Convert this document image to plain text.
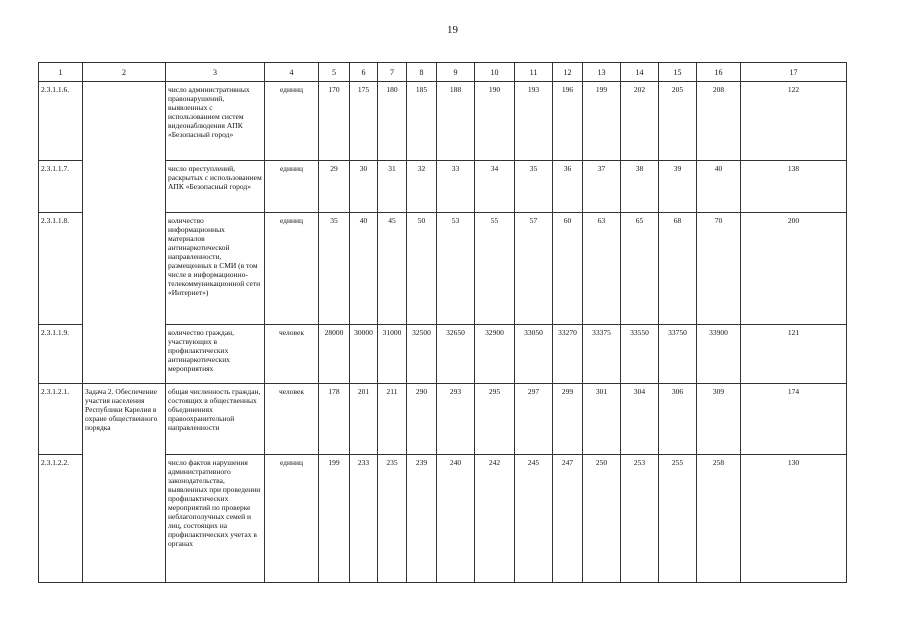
19
1	2	3	4	5	6	7	8	9	10	11	12	13	14	15	16	17
2.3.1.1.6.		число административных правонарушений, выявленных с использованием систем видеонаблюдения АПК «Безопасный город»	единиц	170	175	180	185	188	190	193	196	199	202	205	208	122
2.3.1.1.7.		число преступлений, раскрытых с использованием АПК «Безопасный город»	единиц	29	30	31	32	33	34	35	36	37	38	39	40	138
2.3.1.1.8.		количество информационных материалов антинаркотической направленности, размещенных в СМИ (в том числе в информационно-телекоммуникационной сети «Интернет»)	единиц	35	40	45	50	53	55	57	60	63	65	68	70	200
2.3.1.1.9.		количество граждан, участвующих в профилактических антинаркотических мероприятиях	человек	28000	30000	31000	32500	32650	32900	33050	33270	33375	33550	33750	33900	121
2.3.1.2.1.	Задача 2. Обеспечение участия населения Республики Карелия в охране общественного порядка	общая численность граждан, состоящих в общественных объединениях правоохранительной направленности	человек	178	201	211	290	293	295	297	299	301	304	306	309	174
2.3.1.2.2.		число фактов нарушения административного законодательства, выявленных при проведении профилактических мероприятий по проверке неблагополучных семей и лиц, состоящих на профилактических учетах в органах	единиц	199	233	235	239	240	242	245	247	250	253	255	258	130
